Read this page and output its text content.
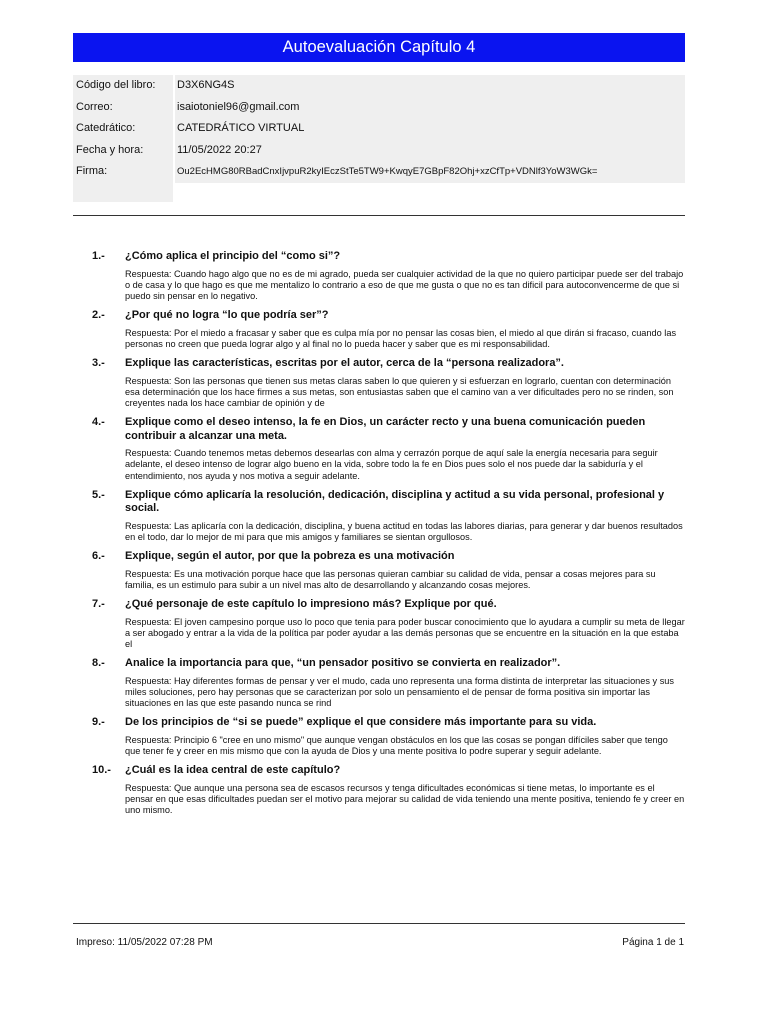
Autoevaluación Capítulo 4
Código del libro:	D3X6NG4S
Correo:	isaiotoniel96@gmail.com
Catedrático:	CATEDRÁTICO VIRTUAL
Fecha y hora:	11/05/2022 20:27
Firma:	Ou2EcHMG80RBadCnxIjvpuR2kyIEczStTe5TW9+KwqyE7GBpF82Ohj+xzCfTp+VDNlf3YoW3WGk=
1.-	¿Cómo aplica el principio del “como si”?
Respuesta: Cuando hago algo que no es de mi agrado, pueda ser cualquier actividad de la que no quiero participar puede ser del trabajo o de casa y lo que hago es que me mentalizo lo contrario a eso de que me gusta o que no es tan dificil para autoconvencerme de que si puedo sin pensar en lo negativo.
2.-	¿Por qué no logra “lo que podría ser”?
Respuesta: Por el miedo a fracasar y saber que es culpa mía por no pensar las cosas bien, el miedo al que dirán si fracaso, cuando las personas no creen que pueda lograr algo y al final no lo pueda hacer y saber que es mi responsabilidad.
3.-	Explique las características, escritas por el autor, cerca de la “persona realizadora”.
Respuesta: Son las personas que tienen sus metas claras saben lo que quieren y si esfuerzan en lograrlo, cuentan con determinación esa determinación que los hace firmes a sus metas, son entusiastas saben que el camino van a ver dificultades pero no se rinden, son creyentes nada los hace cambiar de opinión y de
4.-	Explique como el deseo intenso, la fe en Dios, un carácter recto y una buena comunicación pueden contribuir a alcanzar una meta.
Respuesta: Cuando tenemos metas debemos desearlas con alma y cerrazón porque de aquí sale la energía necesaria para seguir adelante, el deseo intenso de lograr algo bueno en la vida, sobre todo la fe en Dios pues solo el nos puede dar la sabiduría y el entendimiento, nos ayuda y nos motiva a seguir adelante.
5.-	Explique cómo aplicaría la resolución, dedicación, disciplina y actitud a su vida personal, profesional y social.
Respuesta: Las aplicaría con la dedicación, disciplina, y buena actitud en todas las labores diarias, para generar y dar buenos resultados en el todo, dar lo mejor de mi para que mis amigos y familiares se sientan orgullosos.
6.-	Explique, según el autor, por que la pobreza es una motivación
Respuesta: Es una motivación porque hace que las personas quieran cambiar su calidad de vida, pensar a cosas mejores para su familia, es un estimulo para subir a un nivel mas alto de desarrollando y alcanzando cosas mejores.
7.-	¿Qué personaje de este capítulo lo impresiono más? Explique por qué.
Respuesta: El joven campesino porque uso lo poco que tenia para poder buscar conocimiento que lo ayudara a cumplir su meta de llegar a ser abogado y entrar a la vida de la política par poder ayudar a las demás personas que se encuentre en la situación en la que estaba el
8.-	Analice la importancia para que, “un pensador positivo se convierta en realizador”.
Respuesta: Hay diferentes formas de pensar y ver el mudo, cada uno representa una forma distinta de interpretar las situaciones y sus miles soluciones, pero hay personas que se caracterizan por solo un pensamiento el de pensar de forma positiva sin importar las situaciones en las que este pasando nunca se rind
9.-	De los principios de “si se puede” explique el que considere más importante para su vida.
Respuesta: Principio 6 "cree en uno mismo" que aunque vengan obstáculos en los que las cosas se pongan difíciles saber que tengo que tener fe y creer en mis mismo que con la ayuda de Dios y una mente positiva lo podre superar y seguir adelante.
10.-	¿Cuál es la idea central de este capítulo?
Respuesta: Que aunque una persona sea de escasos recursos y tenga dificultades económicas si tiene metas, lo importante es el pensar en que esas dificultades puedan ser el motivo para mejorar su calidad de vida teniendo una mente positiva, teniendo fe y creer en uno mismo.
Impreso: 11/05/2022 07:28 PM	Página 1 de 1
